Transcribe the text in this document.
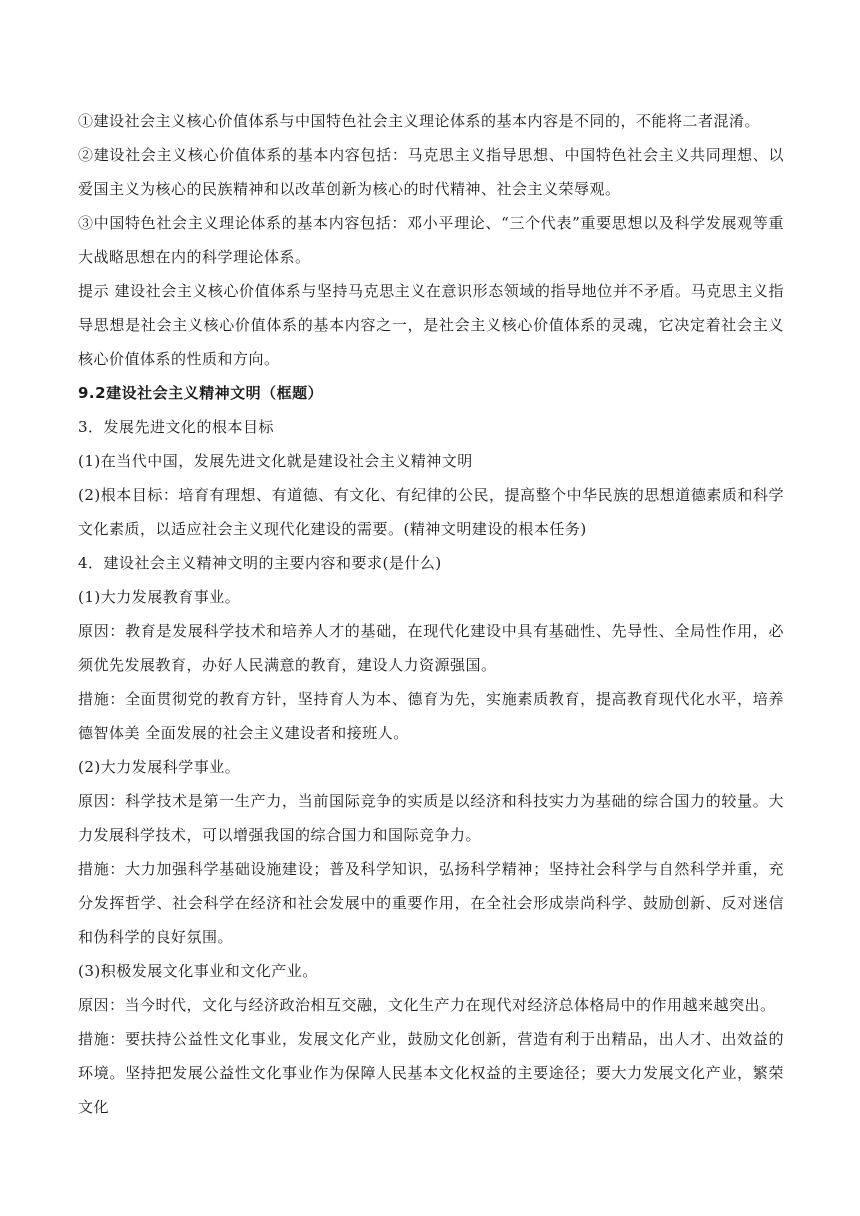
①建设社会主义核心价值体系与中国特色社会主义理论体系的基本内容是不同的，不能将二者混淆。

②建设社会主义核心价值体系的基本内容包括：马克思主义指导思想、中国特色社会主义共同理想、以爱国主义为核心的民族精神和以改革创新为核心的时代精神、社会主义荣辱观。

③中国特色社会主义理论体系的基本内容包括：邓小平理论、“三个代表”重要思想以及科学发展观等重大战略思想在内的科学理论体系。

提示 建设社会主义核心价值体系与坚持马克思主义在意识形态领域的指导地位并不矛盾。马克思主义指导思想是社会主义核心价值体系的基本内容之一，是社会主义核心价值体系的灵魂，它决定着社会主义核心价值体系的性质和方向。

9.2建设社会主义精神文明（框题）

3．发展先进文化的根本目标

(1)在当代中国，发展先进文化就是建设社会主义精神文明

(2)根本目标：培育有理想、有道德、有文化、有纪律的公民，提高整个中华民族的思想道德素质和科学 文化素质，以适应社会主义现代化建设的需要。(精神文明建设的根本任务)

4．建设社会主义精神文明的主要内容和要求(是什么)

(1)大力发展教育事业。

原因：教育是发展科学技术和培养人才的基础，在现代化建设中具有基础性、先导性、全局性作用，必须优先发展教育，办好人民满意的教育，建设人力资源强国。

措施：全面贯彻党的教育方针，坚持育人为本、德育为先，实施素质教育，提高教育现代化水平，培养德智体美 全面发展的社会主义建设者和接班人。

(2)大力发展科学事业。

原因：科学技术是第一生产力，当前国际竞争的实质是以经济和科技实力为基础的综合国力的较量。大力发展科学技术，可以增强我国的综合国力和国际竞争力。

措施：大力加强科学基础设施建设；普及科学知识，弘扬科学精神；坚持社会科学与自然科学并重，充分发挥哲学、社会科学在经济和社会发展中的重要作用，在全社会形成崇尚科学、鼓励创新、反对迷信和伪科学的良好氛围。

(3)积极发展文化事业和文化产业。

原因：当今时代，文化与经济政治相互交融，文化生产力在现代对经济总体格局中的作用越来越突出。

措施：要扶持公益性文化事业，发展文化产业，鼓励文化创新，营造有利于出精品，出人才、出效益的环境。坚持把发展公益性文化事业作为保障人民基本文化权益的主要途径；要大力发展文化产业，繁荣文化
